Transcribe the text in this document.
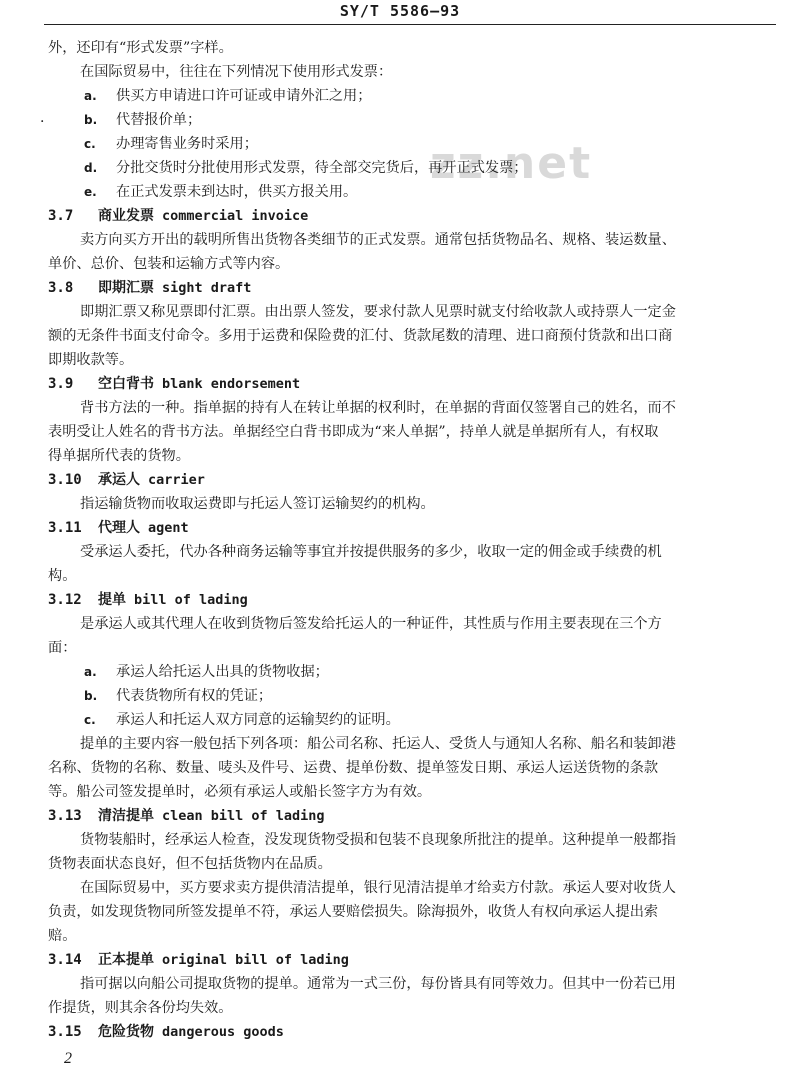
SY/T 5586—93
zz.net
·
外，还印有“形式发票”字样。
在国际贸易中，往往在下列情况下使用形式发票：
a. 供买方申请进口许可证或申请外汇之用；
b. 代替报价单；
c. 办理寄售业务时采用；
d. 分批交货时分批使用形式发票，待全部交完货后，再开正式发票；
e. 在正式发票未到达时，供买方报关用。
3.7 商业发票 commercial invoice
卖方向买方开出的载明所售出货物各类细节的正式发票。通常包括货物品名、规格、装运数量、
单价、总价、包装和运输方式等内容。
3.8 即期汇票 sight draft
即期汇票又称见票即付汇票。由出票人签发，要求付款人见票时就支付给收款人或持票人一定金
额的无条件书面支付命令。多用于运费和保险费的汇付、货款尾数的清理、进口商预付货款和出口商
即期收款等。
3.9 空白背书 blank endorsement
背书方法的一种。指单据的持有人在转让单据的权利时，在单据的背面仅签署自己的姓名，而不
表明受让人姓名的背书方法。单据经空白背书即成为“来人单据”，持单人就是单据所有人，有权取
得单据所代表的货物。
3.10 承运人 carrier
指运输货物而收取运费即与托运人签订运输契约的机构。
3.11 代理人 agent
受承运人委托，代办各种商务运输等事宜并按提供服务的多少，收取一定的佣金或手续费的机
构。
3.12 提单 bill of lading
是承运人或其代理人在收到货物后签发给托运人的一种证件，其性质与作用主要表现在三个方
面：
a. 承运人给托运人出具的货物收据；
b. 代表货物所有权的凭证；
c. 承运人和托运人双方同意的运输契约的证明。
提单的主要内容一般包括下列各项：船公司名称、托运人、受货人与通知人名称、船名和装卸港
名称、货物的名称、数量、唛头及件号、运费、提单份数、提单签发日期、承运人运送货物的条款
等。船公司签发提单时，必须有承运人或船长签字方为有效。
3.13 清洁提单 clean bill of lading
货物装船时，经承运人检查，没发现货物受损和包装不良现象所批注的提单。这种提单一般都指
货物表面状态良好，但不包括货物内在品质。
在国际贸易中，买方要求卖方提供清洁提单，银行见清洁提单才给卖方付款。承运人要对收货人
负责，如发现货物同所签发提单不符，承运人要赔偿损失。除海损外，收货人有权向承运人提出索
赔。
3.14 正本提单 original bill of lading
指可据以向船公司提取货物的提单。通常为一式三份，每份皆具有同等效力。但其中一份若已用
作提货，则其余各份均失效。
3.15 危险货物 dangerous goods
2
